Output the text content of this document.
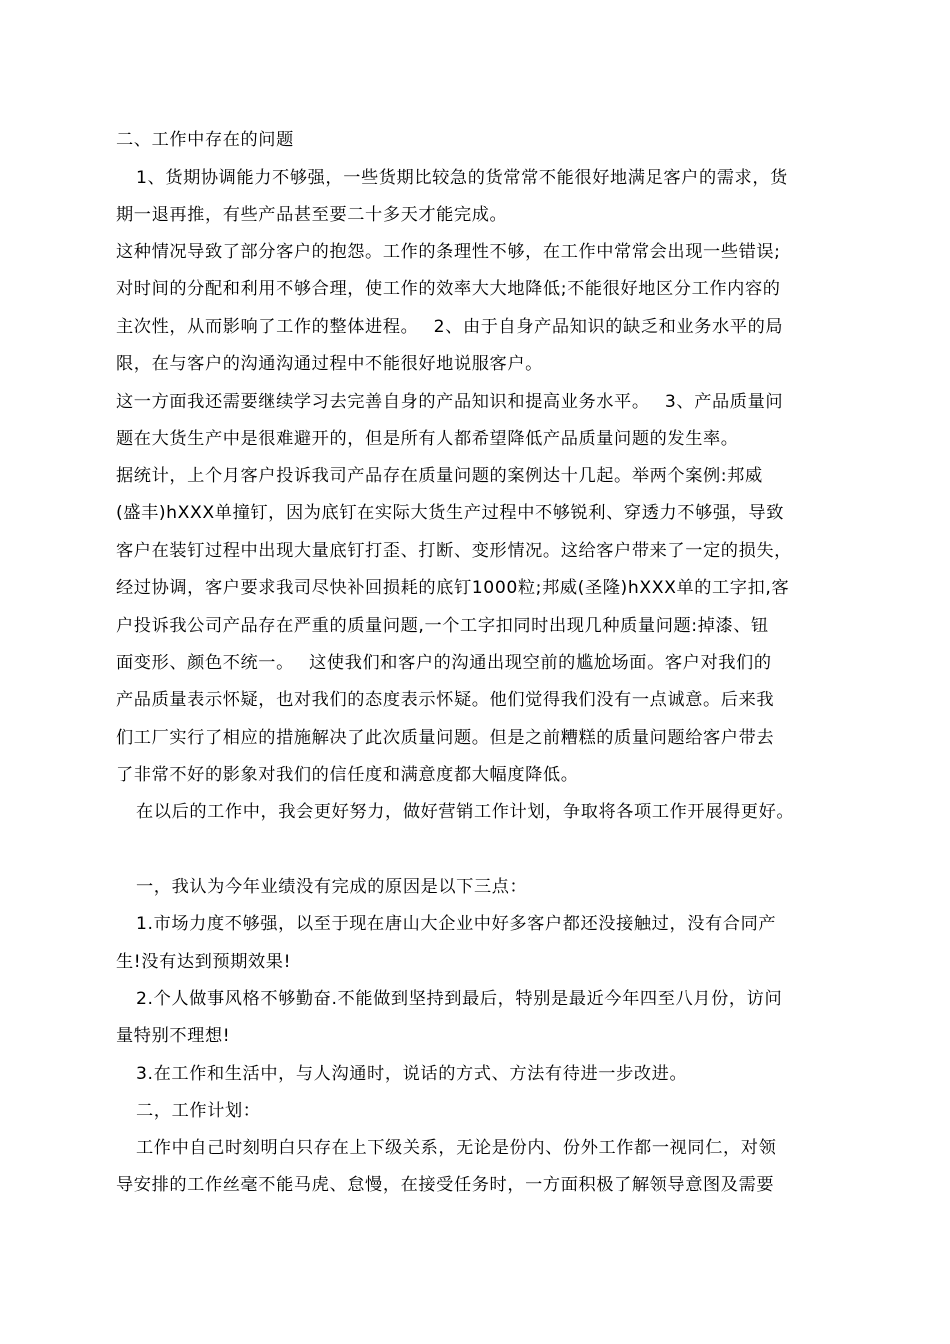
二、工作中存在的问题

1、货期协调能力不够强，一些货期比较急的货常常不能很好地满足客户的需求，货

期一退再推，有些产品甚至要二十多天才能完成。

这种情况导致了部分客户的抱怨。工作的条理性不够，在工作中常常会出现一些错误;

对时间的分配和利用不够合理，使工作的效率大大地降低;不能很好地区分工作内容的

主次性，从而影响了工作的整体进程。　 2、由于自身产品知识的缺乏和业务水平的局

限，在与客户的沟通沟通过程中不能很好地说服客户。

这一方面我还需要继续学习去完善自身的产品知识和提高业务水平。　 3、产品质量问

题在大货生产中是很难避开的，但是所有人都希望降低产品质量问题的发生率。

据统计，上个月客户投诉我司产品存在质量问题的案例达十几起。举两个案例:邦威

(盛丰)hXXX单撞钉，因为底钉在实际大货生产过程中不够锐利、穿透力不够强，导致

客户在装钉过程中出现大量底钉打歪、打断、变形情况。这给客户带来了一定的损失，

经过协调，客户要求我司尽快补回损耗的底钉1000粒;邦威(圣隆)hXXX单的工字扣,客

户投诉我公司产品存在严重的质量问题,一个工字扣同时出现几种质量问题:掉漆、钮

面变形、颜色不统一。　 这使我们和客户的沟通出现空前的尴尬场面。客户对我们的

产品质量表示怀疑，也对我们的态度表示怀疑。他们觉得我们没有一点诚意。后来我

们工厂实行了相应的措施解决了此次质量问题。但是之前糟糕的质量问题给客户带去

了非常不好的影象对我们的信任度和满意度都大幅度降低。

在以后的工作中，我会更好努力，做好营销工作计划，争取将各项工作开展得更好。

一，我认为今年业绩没有完成的原因是以下三点：

1.市场力度不够强，以至于现在唐山大企业中好多客户都还没接触过，没有合同产

生!没有达到预期效果!

2.个人做事风格不够勤奋.不能做到坚持到最后，特别是最近今年四至八月份，访问

量特别不理想!

3.在工作和生活中，与人沟通时，说话的方式、方法有待进一步改进。

二，工作计划：

工作中自己时刻明白只存在上下级关系，无论是份内、份外工作都一视同仁，对领

导安排的工作丝毫不能马虎、怠慢，在接受任务时，一方面积极了解领导意图及需要
